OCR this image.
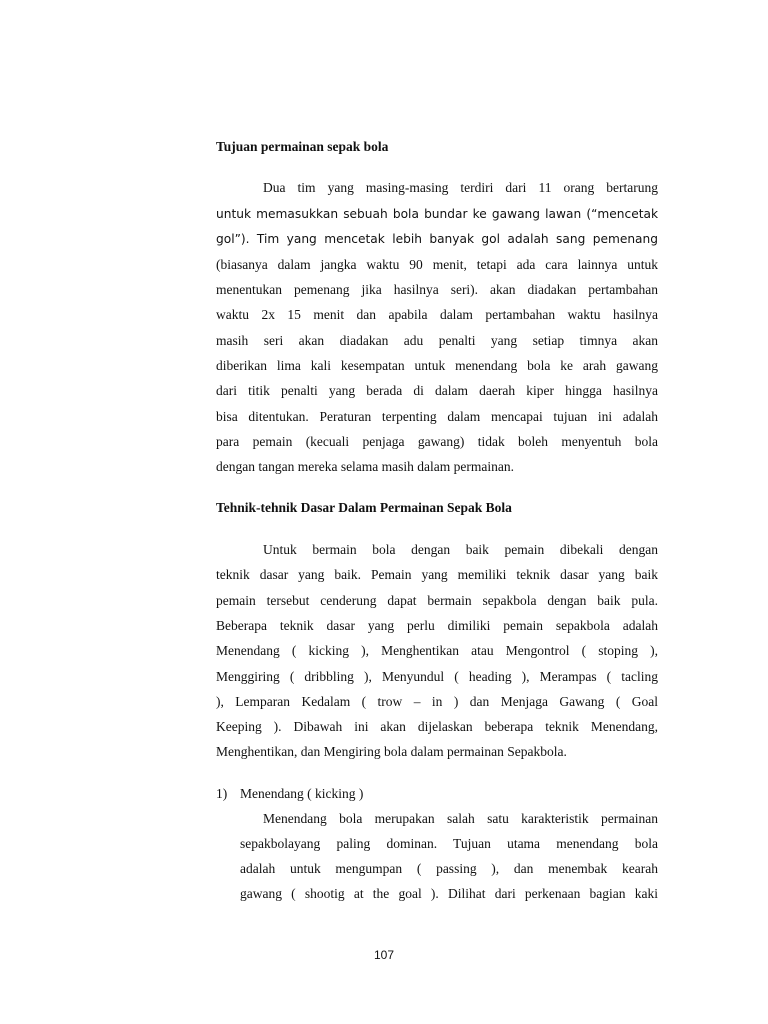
Tujuan permainan sepak bola
Dua tim yang masing-masing terdiri dari 11 orang bertarung
untuk memasukkan sebuah bola bundar ke gawang lawan (“mencetak
gol”). Tim yang mencetak lebih banyak gol adalah sang pemenang
(biasanya dalam jangka waktu 90 menit, tetapi ada cara lainnya untuk
menentukan pemenang jika hasilnya seri). akan diadakan pertambahan
waktu 2x 15 menit dan apabila dalam pertambahan waktu hasilnya
masih seri akan diadakan adu penalti yang setiap timnya akan
diberikan lima kali kesempatan untuk menendang bola ke arah gawang
dari titik penalti yang berada di dalam daerah kiper hingga hasilnya
bisa ditentukan. Peraturan terpenting dalam mencapai tujuan ini adalah
para pemain (kecuali penjaga gawang) tidak boleh menyentuh bola
dengan tangan mereka selama masih dalam permainan.
Tehnik-tehnik Dasar Dalam Permainan Sepak Bola
Untuk bermain bola dengan baik pemain dibekali dengan
teknik dasar yang baik. Pemain yang memiliki teknik dasar yang baik
pemain tersebut cenderung dapat bermain sepakbola dengan baik pula.
Beberapa teknik dasar yang perlu dimiliki pemain sepakbola adalah
Menendang ( kicking ), Menghentikan atau Mengontrol ( stoping ),
Menggiring ( dribbling ), Menyundul ( heading ), Merampas ( tacling
), Lemparan Kedalam ( trow – in ) dan Menjaga Gawang ( Goal
Keeping ). Dibawah ini akan dijelaskan beberapa teknik Menendang,
Menghentikan, dan Mengiring bola dalam permainan Sepakbola.
1) Menendang ( kicking )
Menendang bola merupakan salah satu karakteristik permainan
sepakbolayang paling dominan. Tujuan utama menendang bola
adalah untuk mengumpan ( passing ), dan menembak kearah
gawang ( shootig at the goal ). Dilihat dari perkenaan bagian kaki
107
